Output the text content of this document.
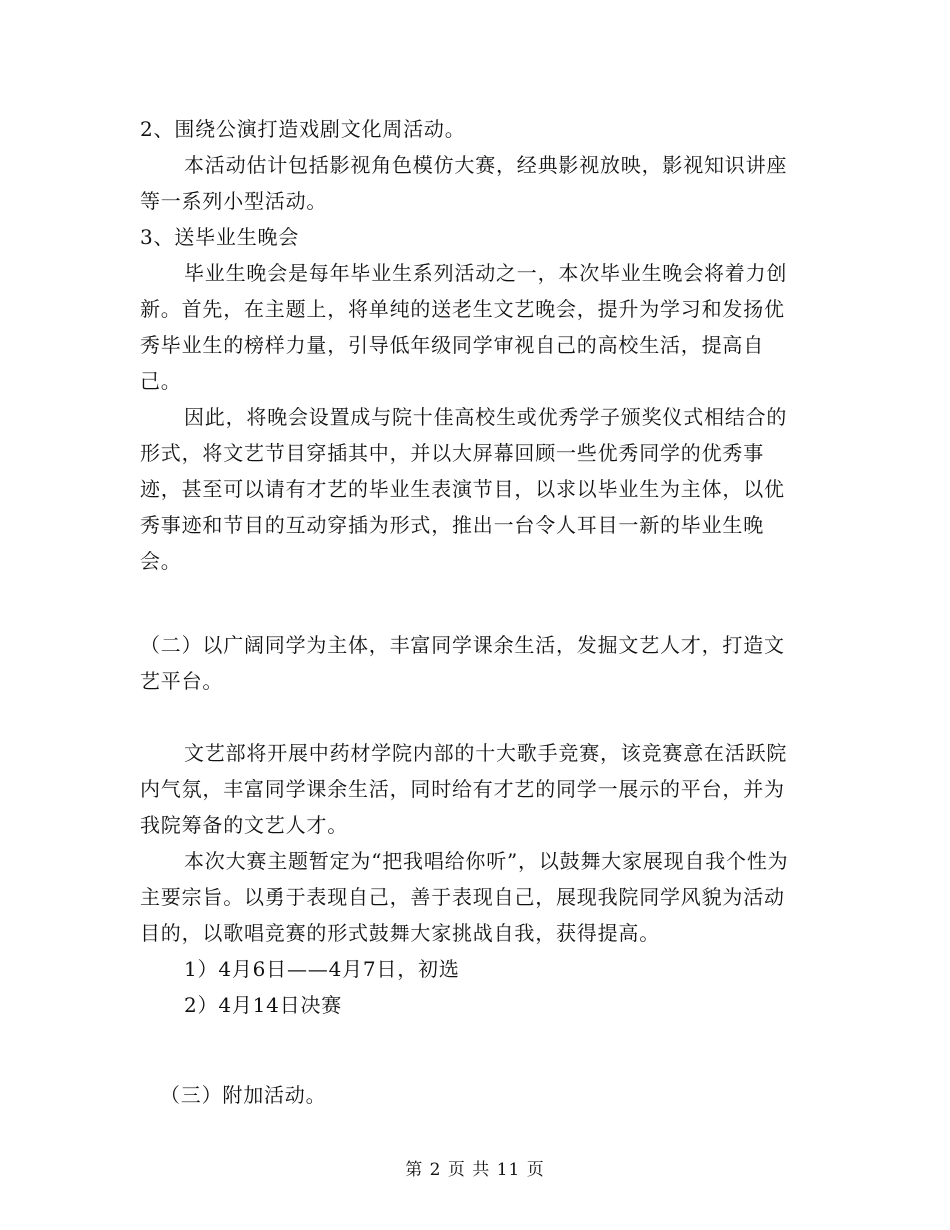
2、围绕公演打造戏剧文化周活动。

本活动估计包括影视角色模仿大赛，经典影视放映，影视知识讲座等一系列小型活动。

3、送毕业生晚会

毕业生晚会是每年毕业生系列活动之一，本次毕业生晚会将着力创新。首先，在主题上，将单纯的送老生文艺晚会，提升为学习和发扬优秀毕业生的榜样力量，引导低年级同学审视自己的高校生活，提高自己。

因此，将晚会设置成与院十佳高校生或优秀学子颁奖仪式相结合的形式，将文艺节目穿插其中，并以大屏幕回顾一些优秀同学的优秀事迹，甚至可以请有才艺的毕业生表演节目，以求以毕业生为主体，以优秀事迹和节目的互动穿插为形式，推出一台令人耳目一新的毕业生晚会。

（二）以广阔同学为主体，丰富同学课余生活，发掘文艺人才，打造文艺平台。

文艺部将开展中药材学院内部的十大歌手竞赛，该竞赛意在活跃院内气氛，丰富同学课余生活，同时给有才艺的同学一展示的平台，并为我院筹备的文艺人才。

本次大赛主题暂定为“把我唱给你听”，以鼓舞大家展现自我个性为主要宗旨。以勇于表现自己，善于表现自己，展现我院同学风貌为活动目的，以歌唱竞赛的形式鼓舞大家挑战自我，获得提高。

1）4月6日——4月7日，初选

2）4月14日决赛

（三）附加活动。

第 2 页 共 11 页
